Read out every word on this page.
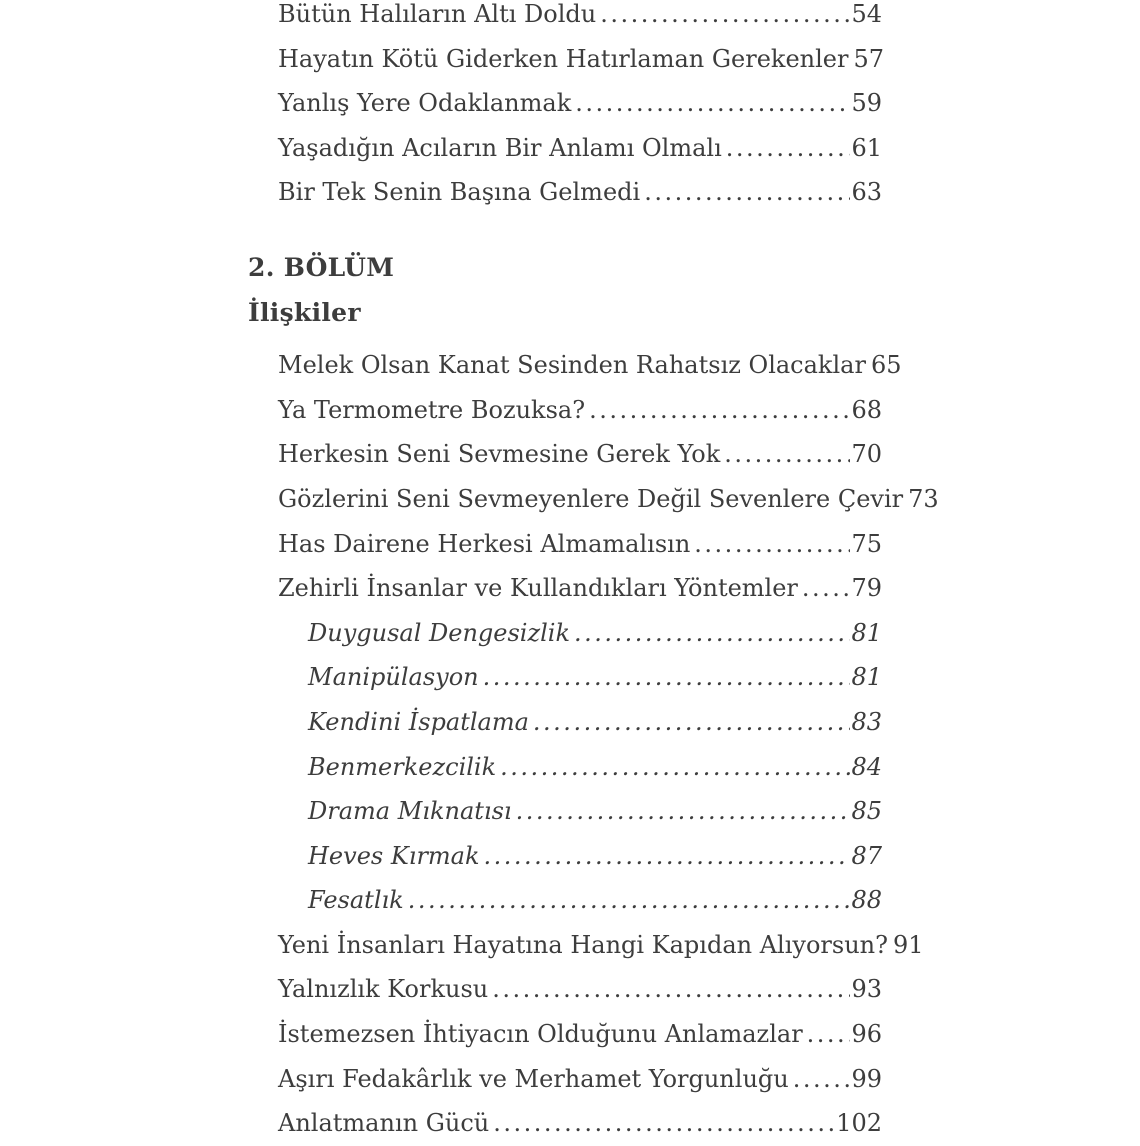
Bütün Halıların Altı Doldu .....	54
Hayatın Kötü Giderken Hatırlaman Gerekenler 57
Yanlış Yere Odaklanmak .....	59
Yaşadığın Acıların Bir Anlamı Olmalı .....	61
Bir Tek Senin Başına Gelmedi .....	63
2. BÖLÜM
İlişkiler
Melek Olsan Kanat Sesinden Rahatsız Olacaklar 65
Ya Termometre Bozuksa? .....	68
Herkesin Seni Sevmesine Gerek Yok .....	70
Gözlerini Seni Sevmeyenlere Değil Sevenlere Çevir 73
Has Dairene Herkesi Almamalısın .....	75
Zehirli İnsanlar ve Kullandıkları Yöntemler ..... 79
Duygusal Dengesizlik .....	81
Manipülasyon .....	81
Kendini İspatlama .....	83
Benmerkezcilik .....	84
Drama Mıknatısı .....	85
Heves Kırmak .....	87
Fesatlık .....	88
Yeni İnsanları Hayatına Hangi Kapıdan Alıyorsun? 91
Yalnızlık Korkusu .....	93
İstemezsen İhtiyacın Olduğunu Anlamazlar ..... 96
Aşırı Fedakârlık ve Merhamet Yorgunluğu .....	99
Anlatmanın Gücü .....	102
